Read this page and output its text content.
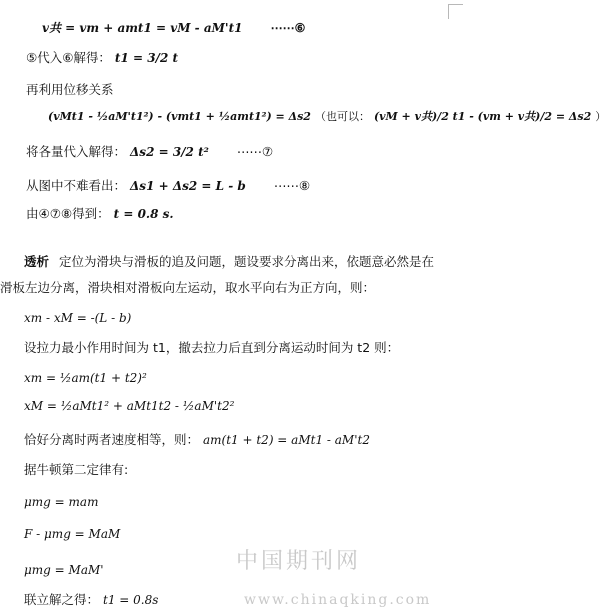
v共 = vm + amt1 = vM - aM't1 ⋯⋯⑥
⑤代入⑥解得： t1 = 3/2 t
再利用位移关系
(vMt1 - ½aM't1²) - (vmt1 + ½amt1²) = Δs2 （也可以： (vM + v共)/2 t1 - (vm + v共)/2 = Δs2 ）
将各量代入解得： Δs2 = 3/2 t² ⋯⋯⑦
从图中不难看出： Δs1 + Δs2 = L - b ⋯⋯⑧
由④⑦⑧得到： t = 0.8 s.
透析 定位为滑块与滑板的追及问题，题设要求分离出来，依题意必然是在
滑板左边分离，滑块相对滑板向左运动，取水平向右为正方向，则：
xm - xM = -(L - b)
设拉力最小作用时间为 t1，撤去拉力后直到分离运动时间为 t2 则：
xm = ½am(t1 + t2)²
xM = ½aMt1² + aMt1t2 - ½aM't2²
恰好分离时两者速度相等，则： am(t1 + t2) = aMt1 - aM't2
据牛顿第二定律有:
μmg = mam
F - μmg = MaM
μmg = MaM'
联立解之得： t1 = 0.8s
中国期刊网
www.chinaqking.com
